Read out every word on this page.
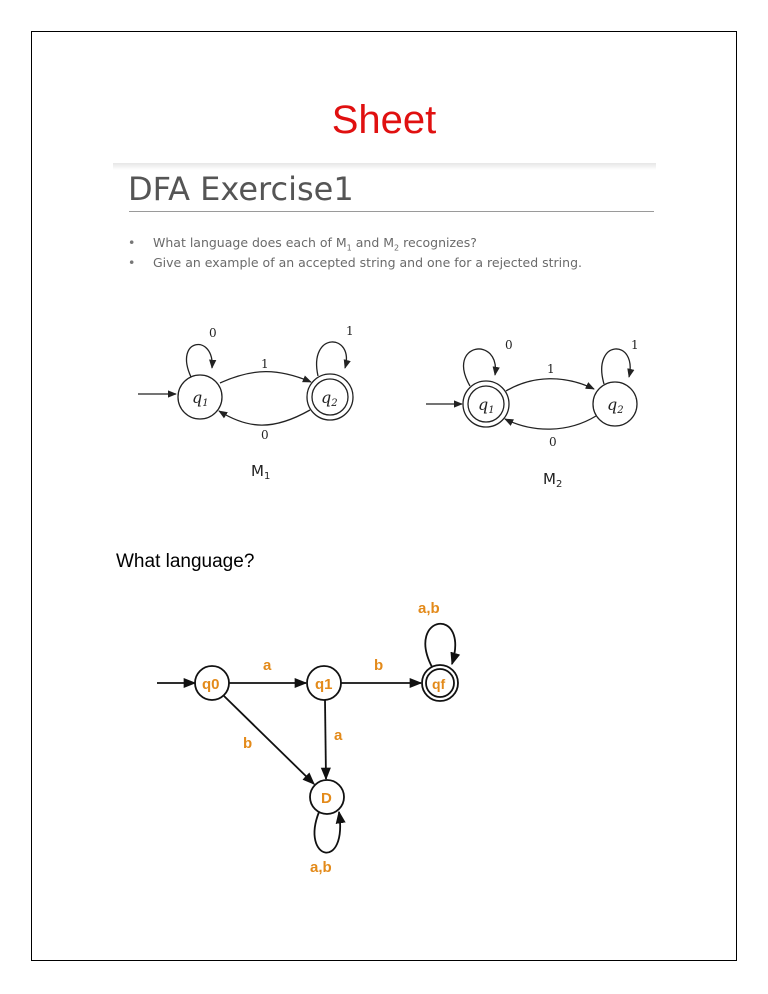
Sheet
DFA Exercise1
• What language does each of $M_1$ and $M_2$ recognizes?
• Give an example of an accepted string and one for a rejected string.
q1	q2
0	1
1
0
$M_1$
q1	q2
0	1
1
0
$M_2$
What language?
q0	q1	qf
D
a	b
a
b
a,b
a,b
